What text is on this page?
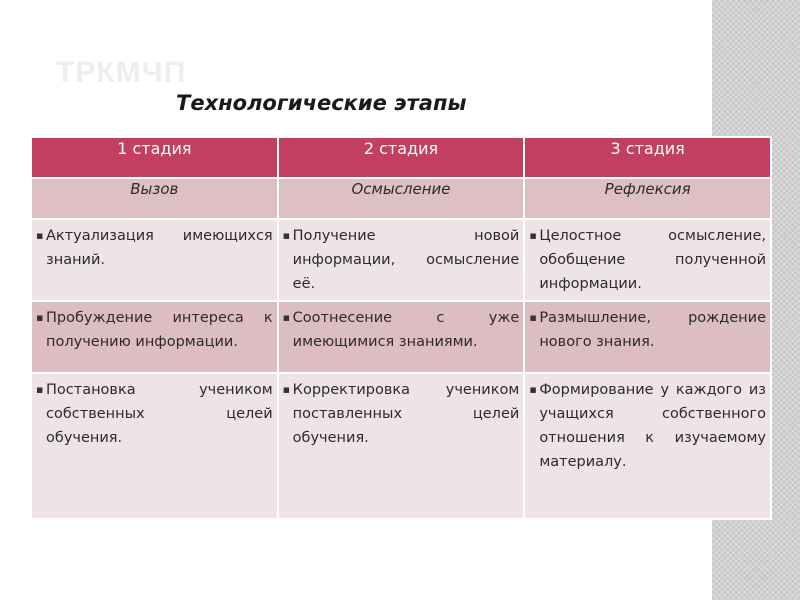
ТРКМЧП
Технологические этапы
1 стадия	2 стадия	3 стадия
Вызов	Осмысление	Рефлексия

▪ Актуализация имеющихся знаний.	▪ Получение новой информации, осмысление её.	▪ Целостное осмысление, обобщение полученной информации.

▪ Пробуждение интереса к получению информации.	▪ Соотнесение с уже имеющимися знаниями.	▪ Размышление, рождение нового знания.

▪ Постановка учеником собственных целей обучения.	▪ Корректировка учеником поставленных целей обучения.	▪ Формирование у каждого из учащихся собственного отношения к изучаемому материалу.
